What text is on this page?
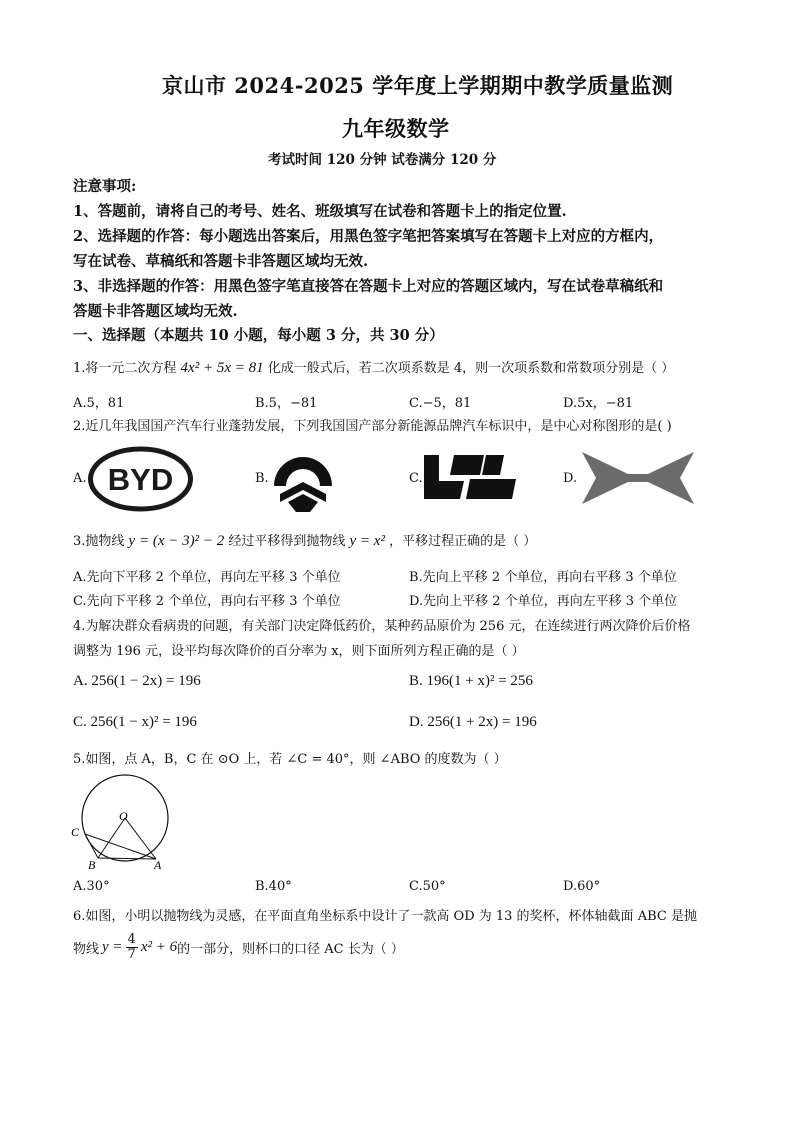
京山市 2024-2025 学年度上学期期中教学质量监测
九年级数学
考试时间 120 分钟 试卷满分 120 分
注意事项:
1、答题前，请将自己的考号、姓名、班级填写在试卷和答题卡上的指定位置.
2、选择题的作答：每小题选出答案后，用黑色签字笔把答案填写在答题卡上对应的方框内，
写在试卷、草稿纸和答题卡非答题区域均无效.
3、非选择题的作答：用黑色签字笔直接答在答题卡上对应的答题区域内，写在试卷草稿纸和
答题卡非答题区域均无效.
一、选择题（本题共 10 小题，每小题 3 分，共 30 分）
1.将一元二次方程 4x² + 5x = 81 化成一般式后，若二次项系数是 4，则一次项系数和常数项分别是（ ）
A.5，81	B.5，−81	C.−5，81	D.5x，−81
2.近几年我国国产汽车行业蓬勃发展，下列我国国产部分新能源品牌汽车标识中，是中心对称图形的是( )
A.	B.	C.	D.
BYD
3.抛物线 y = (x − 3)² − 2 经过平移得到抛物线 y = x² ，平移过程正确的是（ ）
A.先向下平移 2 个单位，再向左平移 3 个单位	B.先向上平移 2 个单位，再向右平移 3 个单位
C.先向下平移 2 个单位，再向右平移 3 个单位	D.先向上平移 2 个单位，再向左平移 3 个单位
4.为解决群众看病贵的问题，有关部门决定降低药价，某种药品原价为 256 元，在连续进行两次降价后价格
调整为 196 元，设平均每次降价的百分率为 x，则下面所列方程正确的是（ ）
A. 256(1 − 2x) = 196	B. 196(1 + x)² = 256
C. 256(1 − x)² = 196	D. 256(1 + 2x) = 196
5.如图，点 A，B，C 在 ⊙O 上，若 ∠C = 40°，则 ∠ABO 的度数为（ ）
O
C
B	A
A.30°	B.40°	C.50°	D.60°
6.如图，小明以抛物线为灵感，在平面直角坐标系中设计了一款高 OD 为 13 的奖杯，杯体轴截面 ABC 是抛
物线 $y = \frac{4}{7} x^2 + 6$ 的一部分，则杯口的口径 AC 长为（ ）
